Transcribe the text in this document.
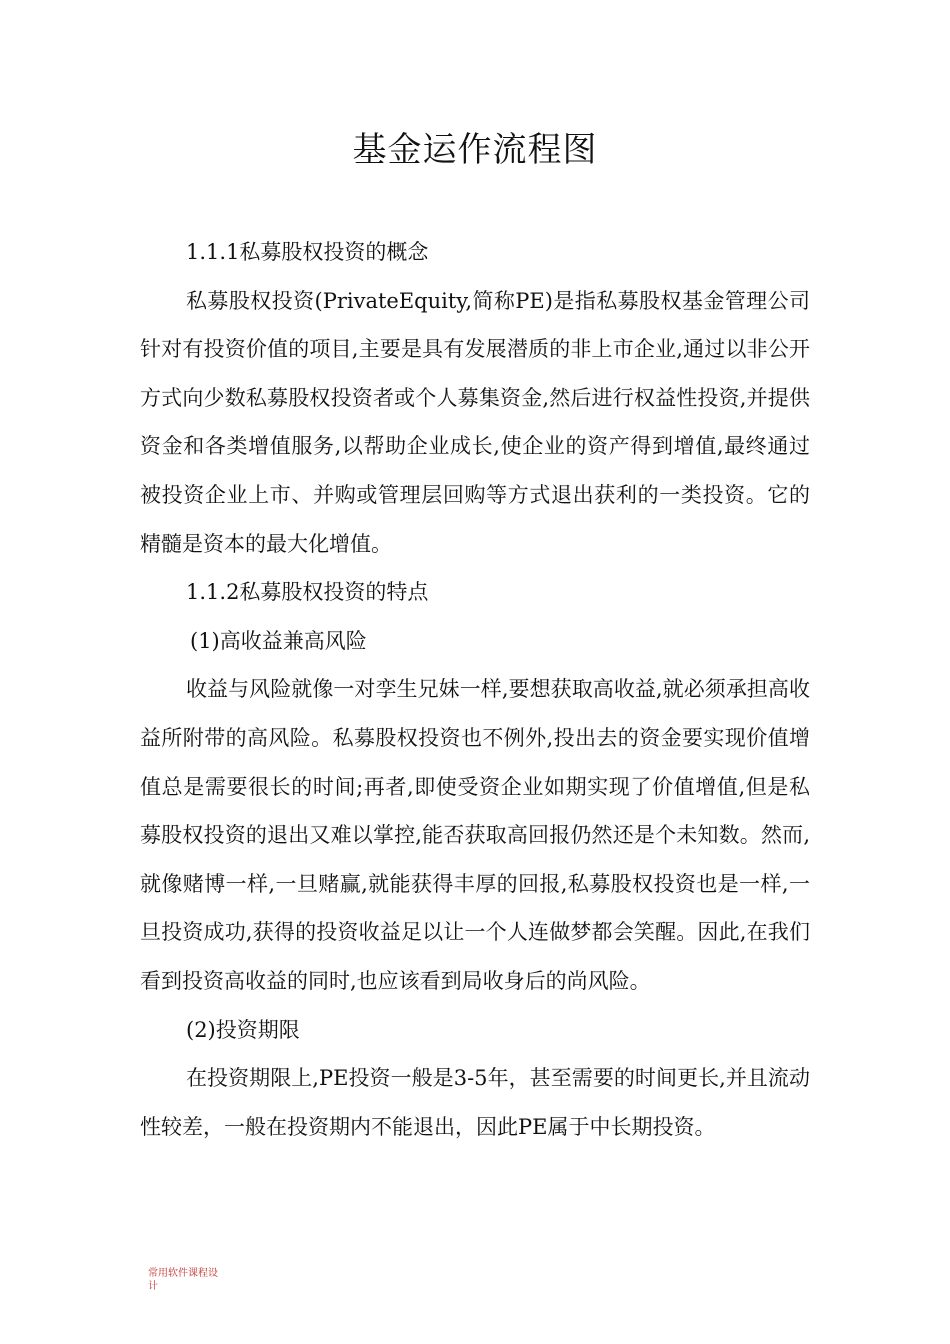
基金运作流程图

1.1.1私募股权投资的概念

私募股权投资(PrivateEquity,简称PE)是指私募股权基金管理公司针对有投资价值的项目,主要是具有发展潜质的非上市企业,通过以非公开方式向少数私募股权投资者或个人募集资金,然后进行权益性投资,并提供资金和各类增值服务,以帮助企业成长,使企业的资产得到增值,最终通过被投资企业上市、并购或管理层回购等方式退出获利的一类投资。它的精髓是资本的最大化增值。

1.1.2私募股权投资的特点

(1)高收益兼高风险

收益与风险就像一对孪生兄妹一样,要想获取高收益,就必须承担高收益所附带的高风险。私募股权投资也不例外,投出去的资金要实现价值增值总是需要很长的时间;再者,即使受资企业如期实现了价值增值,但是私募股权投资的退出又难以掌控,能否获取高回报仍然还是个未知数。然而,就像赌博一样,一旦赌赢,就能获得丰厚的回报,私募股权投资也是一样,一旦投资成功,获得的投资收益足以让一个人连做梦都会笑醒。因此,在我们看到投资高收益的同时,也应该看到局收身后的尚风险。

(2)投资期限

在投资期限上,PE投资一般是3-5年，甚至需要的时间更长,并且流动性较差，一般在投资期内不能退出，因此PE属于中长期投资。

常用软件课程设
计
